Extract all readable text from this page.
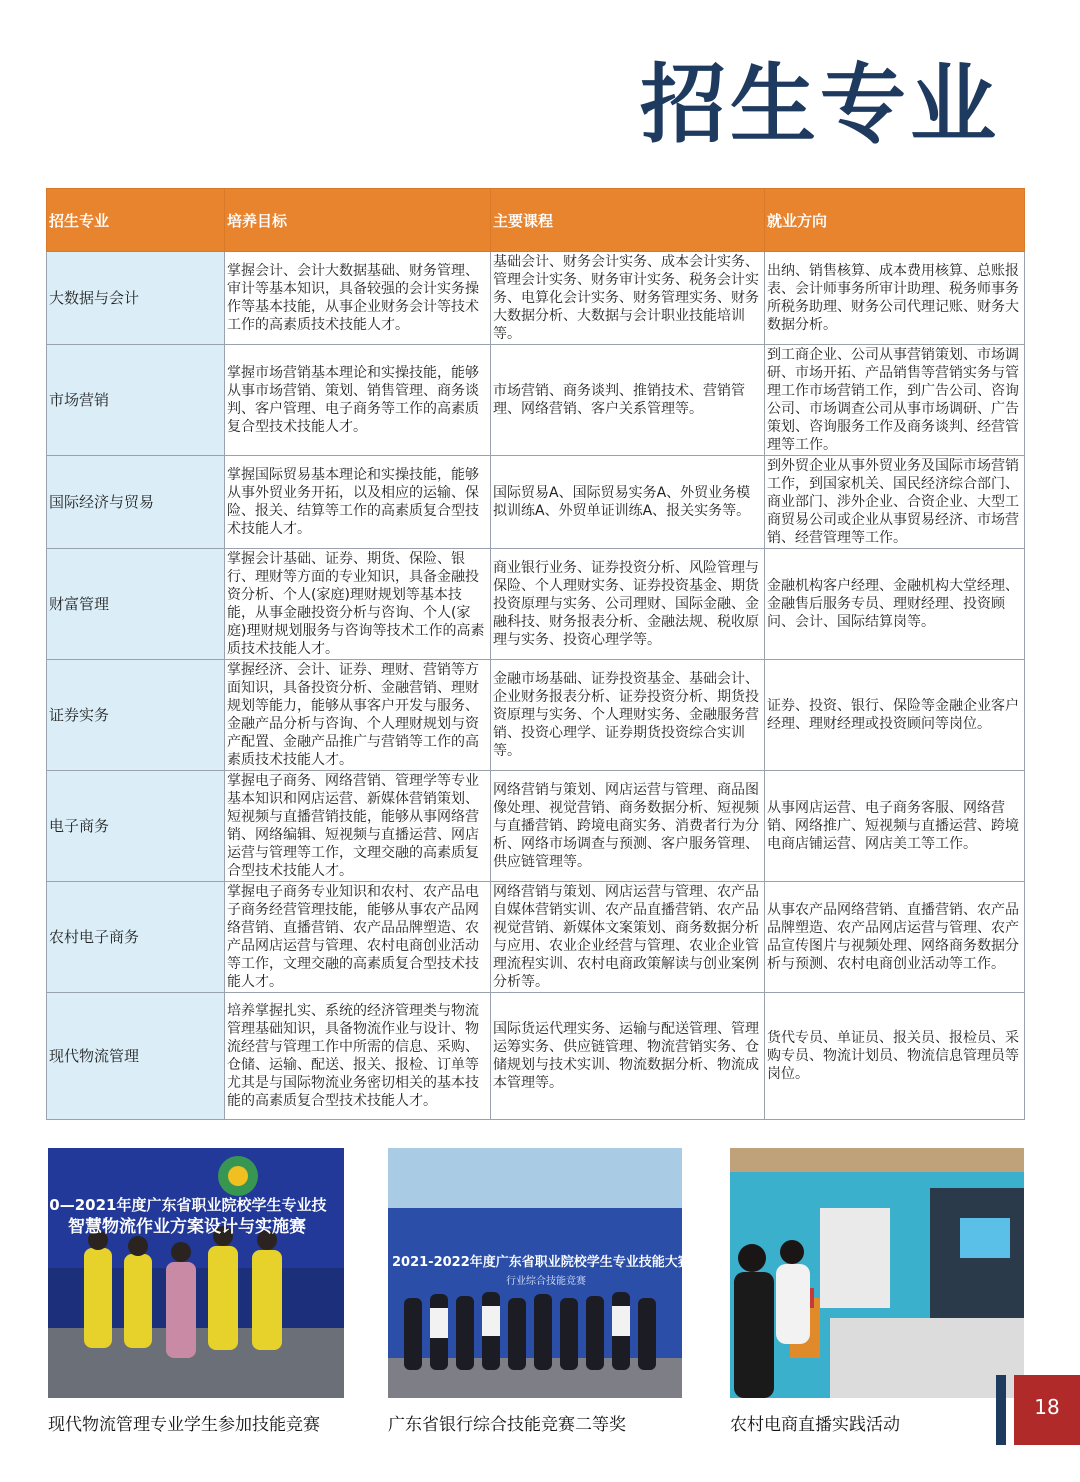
招生专业
招生专业	培养目标	主要课程	就业方向
大数据与会计	掌握会计、会计大数据基础、财务管理、审计等基本知识，具备较强的会计实务操作等基本技能，从事企业财务会计等技术工作的高素质技术技能人才。	基础会计、财务会计实务、成本会计实务、管理会计实务、财务审计实务、税务会计实务、电算化会计实务、财务管理实务、财务大数据分析、大数据与会计职业技能培训等。	出纳、销售核算、成本费用核算、总账报表、会计师事务所审计助理、税务师事务所税务助理、财务公司代理记账、财务大数据分析。
市场营销	掌握市场营销基本理论和实操技能，能够从事市场营销、策划、销售管理、商务谈判、客户管理、电子商务等工作的高素质复合型技术技能人才。	市场营销、商务谈判、推销技术、营销管理、网络营销、客户关系管理等。	到工商企业、公司从事营销策划、市场调研、市场开拓、产品销售等营销实务与管理工作市场营销工作，到广告公司、咨询公司、市场调查公司从事市场调研、广告策划、咨询服务工作及商务谈判、经营管理等工作。
国际经济与贸易	掌握国际贸易基本理论和实操技能，能够从事外贸业务开拓，以及相应的运输、保险、报关、结算等工作的高素质复合型技术技能人才。	国际贸易A、国际贸易实务A、外贸业务模拟训练A、外贸单证训练A、报关实务等。	到外贸企业从事外贸业务及国际市场营销工作，到国家机关、国民经济综合部门、商业部门、涉外企业、合资企业、大型工商贸易公司或企业从事贸易经济、市场营销、经营管理等工作。
财富管理	掌握会计基础、证券、期货、保险、银行、理财等方面的专业知识，具备金融投资分析、个人(家庭)理财规划等基本技能，从事金融投资分析与咨询、个人(家庭)理财规划服务与咨询等技术工作的高素质技术技能人才。	商业银行业务、证券投资分析、风险管理与保险、个人理财实务、证券投资基金、期货投资原理与实务、公司理财、国际金融、金融科技、财务报表分析、金融法规、税收原理与实务、投资心理学等。	金融机构客户经理、金融机构大堂经理、金融售后服务专员、理财经理、投资顾问、会计、国际结算岗等。
证券实务	掌握经济、会计、证券、理财、营销等方面知识，具备投资分析、金融营销、理财规划等能力，能够从事客户开发与服务、金融产品分析与咨询、个人理财规划与资产配置、金融产品推广与营销等工作的高素质技术技能人才。	金融市场基础、证券投资基金、基础会计、企业财务报表分析、证券投资分析、期货投资原理与实务、个人理财实务、金融服务营销、投资心理学、证券期货投资综合实训等。	证券、投资、银行、保险等金融企业客户经理、理财经理或投资顾问等岗位。
电子商务	掌握电子商务、网络营销、管理学等专业基本知识和网店运营、新媒体营销策划、短视频与直播营销技能，能够从事网络营销、网络编辑、短视频与直播运营、网店运营与管理等工作，文理交融的高素质复合型技术技能人才。	网络营销与策划、网店运营与管理、商品图像处理、视觉营销、商务数据分析、短视频与直播营销、跨境电商实务、消费者行为分析、网络市场调查与预测、客户服务管理、供应链管理等。	从事网店运营、电子商务客服、网络营销、网络推广、短视频与直播运营、跨境电商店铺运营、网店美工等工作。
农村电子商务	掌握电子商务专业知识和农村、农产品电子商务经营管理技能，能够从事农产品网络营销、直播营销、农产品品牌塑造、农产品网店运营与管理、农村电商创业活动等工作，文理交融的高素质复合型技术技能人才。	网络营销与策划、网店运营与管理、农产品自媒体营销实训、农产品直播营销、农产品视觉营销、新媒体文案策划、商务数据分析与应用、农业企业经营与管理、农业企业管理流程实训、农村电商政策解读与创业案例分析等。	从事农产品网络营销、直播营销、农产品品牌塑造、农产品网店运营与管理、农产品宣传图片与视频处理、网络商务数据分析与预测、农村电商创业活动等工作。
现代物流管理	培养掌握扎实、系统的经济管理类与物流管理基础知识，具备物流作业与设计、物流经营与管理工作中所需的信息、采购、仓储、运输、配送、报关、报检、订单等尤其是与国际物流业务密切相关的基本技能的高素质复合型技术技能人才。	国际货运代理实务、运输与配送管理、管理运筹实务、供应链管理、物流营销实务、仓储规划与技术实训、物流数据分析、物流成本管理等。	货代专员、单证员、报关员、报检员、采购专员、物流计划员、物流信息管理员等岗位。
2020—2021年度广东省职业院校学生专业技
智慧物流作业方案设计与实施赛
现代物流管理专业学生参加技能竞赛
2021-2022年度广东省职业院校学生专业技能大赛（高
行业综合技能竞赛
广东省银行综合技能竞赛二等奖	农村电商直播实践活动
18
